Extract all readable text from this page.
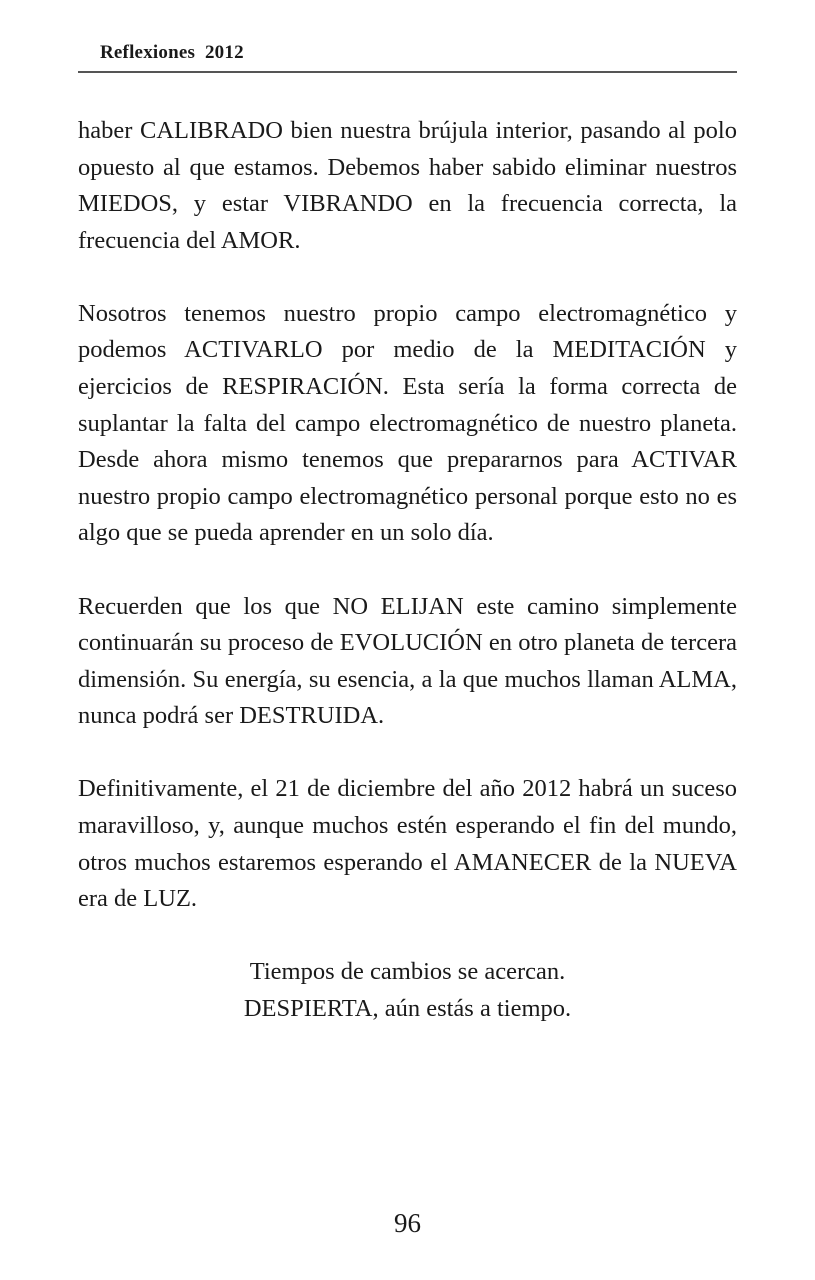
Reflexiones  2012

haber CALIBRADO bien nuestra brújula interior, pasando al polo opuesto al que estamos. Debemos haber sabido eliminar nuestros MIEDOS, y estar VIBRANDO en la frecuencia correcta, la frecuencia del AMOR.

Nosotros tenemos nuestro propio campo electromagnético y podemos ACTIVARLO por medio de la MEDITACIÓN y ejercicios de RESPIRACIÓN. Esta sería la forma correcta de suplantar la falta del campo electromagnético de nuestro planeta. Desde ahora mismo tenemos que prepararnos para ACTIVAR nuestro propio campo electromagnético personal porque esto no es algo que se pueda aprender en un solo día.

Recuerden que los que NO ELIJAN este camino simplemente continuarán su proceso de EVOLUCIÓN en otro planeta de tercera dimensión. Su energía, su esencia, a la que muchos llaman ALMA, nunca podrá ser DESTRUIDA.

Definitivamente, el 21 de diciembre del año 2012 habrá un suceso maravilloso, y, aunque muchos estén esperando el fin del mundo, otros muchos estaremos esperando el AMANECER de la NUEVA era de LUZ.

Tiempos de cambios se acercan.
DESPIERTA, aún estás a tiempo.
96
